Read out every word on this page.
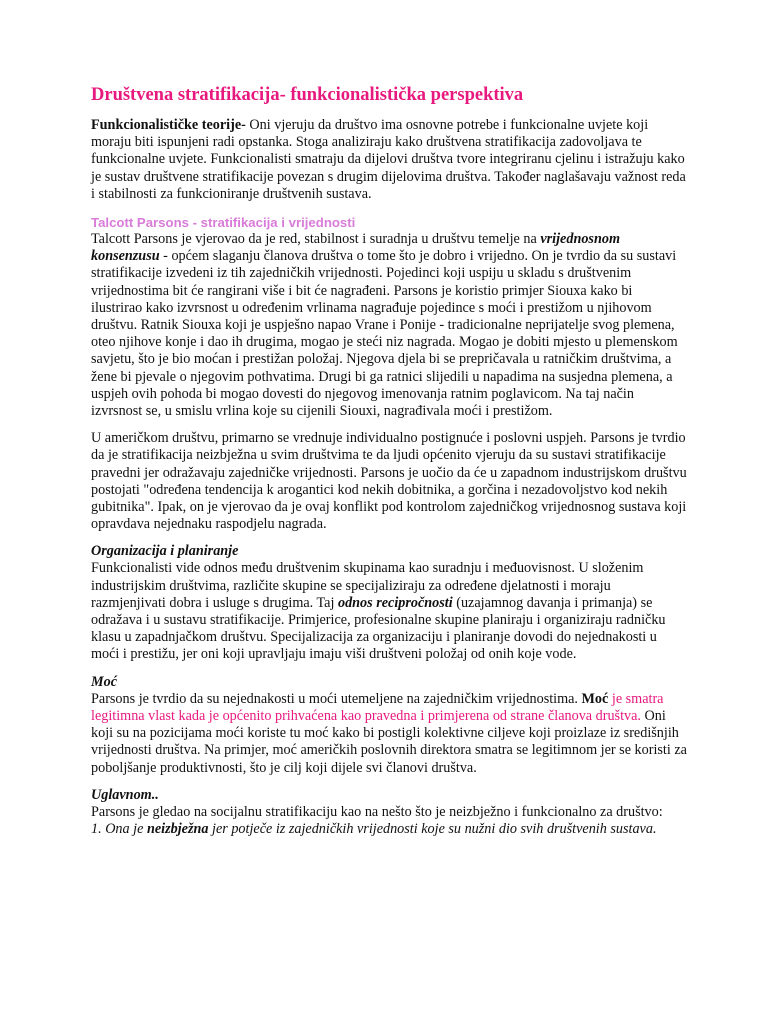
Društvena stratifikacija- funkcionalistička perspektiva

Funkcionalističke teorije- Oni vjeruju da društvo ima osnovne potrebe i funkcionalne uvjete koji moraju biti ispunjeni radi opstanka. Stoga analiziraju kako društvena stratifikacija zadovoljava te funkcionalne uvjete. Funkcionalisti smatraju da dijelovi društva tvore integriranu cjelinu i istražuju kako je sustav društvene stratifikacije povezan s drugim dijelovima društva. Također naglašavaju važnost reda i stabilnosti za funkcioniranje društvenih sustava.

Talcott Parsons - stratifikacija i vrijednosti

Talcott Parsons je vjerovao da je red, stabilnost i suradnja u društvu temelje na vrijednosnom konsenzusu - općem slaganju članova društva o tome što je dobro i vrijedno. On je tvrdio da su sustavi stratifikacije izvedeni iz tih zajedničkih vrijednosti. Pojedinci koji uspiju u skladu s društvenim vrijednostima bit će rangirani više i bit će nagrađeni. Parsons je koristio primjer Siouxa kako bi ilustrirao kako izvrsnost u određenim vrlinama nagrađuje pojedince s moći i prestižom u njihovom društvu. Ratnik Siouxa koji je uspješno napao Vrane i Ponije - tradicionalne neprijatelje svog plemena, oteo njihove konje i dao ih drugima, mogao je steći niz nagrada. Mogao je dobiti mjesto u plemenskom savjetu, što je bio moćan i prestižan položaj. Njegova djela bi se prepričavala u ratničkim društvima, a žene bi pjevale o njegovim pothvatima. Drugi bi ga ratnici slijedili u napadima na susjedna plemena, a uspjeh ovih pohoda bi mogao dovesti do njegovog imenovanja ratnim poglavicom. Na taj način izvrsnost se, u smislu vrlina koje su cijenili Siouxi, nagrađivala moći i prestižom.

U američkom društvu, primarno se vrednuje individualno postignuće i poslovni uspjeh. Parsons je tvrdio da je stratifikacija neizbježna u svim društvima te da ljudi općenito vjeruju da su sustavi stratifikacije pravedni jer odražavaju zajedničke vrijednosti. Parsons je uočio da će u zapadnom industrijskom društvu postojati "određena tendencija k arogantici kod nekih dobitnika, a gorčina i nezadovoljstvo kod nekih gubitnika". Ipak, on je vjerovao da je ovaj konflikt pod kontrolom zajedničkog vrijednosnog sustava koji opravdava nejednaku raspodjelu nagrada.

Organizacija i planiranje

Funkcionalisti vide odnos među društvenim skupinama kao suradnju i međuovisnost. U složenim industrijskim društvima, različite skupine se specijaliziraju za određene djelatnosti i moraju razmjenjivati dobra i usluge s drugima. Taj odnos recipročnosti (uzajamnog davanja i primanja) se odražava i u sustavu stratifikacije. Primjerice, profesionalne skupine planiraju i organiziraju radničku klasu u zapadnjačkom društvu. Specijalizacija za organizaciju i planiranje dovodi do nejednakosti u moći i prestižu, jer oni koji upravljaju imaju viši društveni položaj od onih koje vode.

Moć

Parsons je tvrdio da su nejednakosti u moći utemeljene na zajedničkim vrijednostima. Moć je smatra legitimna vlast kada je općenito prihvaćena kao pravedna i primjerena od strane članova društva. Oni koji su na pozicijama moći koriste tu moć kako bi postigli kolektivne ciljeve koji proizlaze iz središnjih vrijednosti društva. Na primjer, moć američkih poslovnih direktora smatra se legitimnom jer se koristi za poboljšanje produktivnosti, što je cilj koji dijele svi članovi društva.

Uglavnom..

Parsons je gledao na socijalnu stratifikaciju kao na nešto što je neizbježno i funkcionalno za društvo:

1. Ona je neizbježna jer potječe iz zajedničkih vrijednosti koje su nužni dio svih društvenih sustava.
